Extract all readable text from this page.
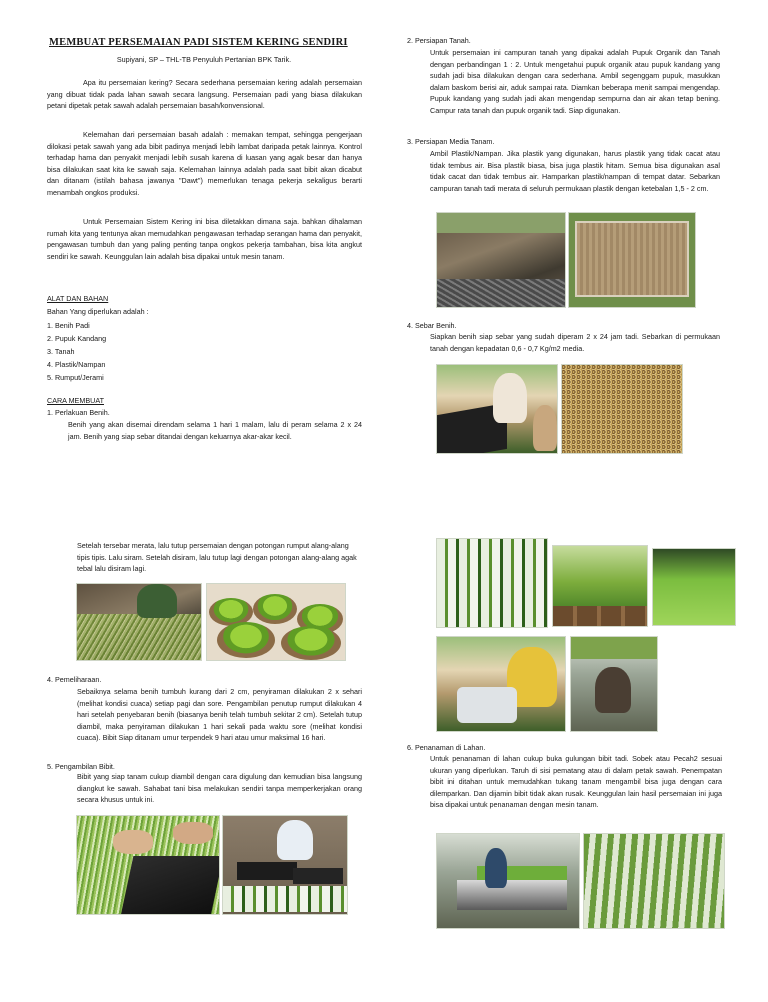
MEMBUAT PERSEMAIAN PADI SISTEM KERING SENDIRI
Supiyani, SP – THL-TB Penyuluh Pertanian BPK Tarik.
Apa itu persemaian kering? Secara sederhana persemaian kering adalah persemaian yang dibuat tidak pada lahan sawah secara langsung. Persemaian padi yang biasa dilakukan petani dipetak petak sawah adalah persemaian basah/konvensional.
Kelemahan dari persemaian basah adalah : memakan tempat, sehingga pengerjaan dilokasi petak sawah yang ada bibit padinya menjadi lebih lambat daripada petak lainnya. Kontrol terhadap hama dan penyakit menjadi lebih susah karena di luasan yang agak besar dan hanya bisa dilakukan saat kita ke sawah saja. Kelemahan lainnya adalah pada saat bibit akan dicabut dan ditanam (istilah bahasa jawanya "Dawt") memerlukan tenaga pekerja sekaligus berarti menambah ongkos produksi.
Untuk Persemaian Sistem Kering ini bisa diletakkan dimana saja. bahkan dihalaman rumah kita yang tentunya akan memudahkan pengawasan terhadap serangan hama dan penyakit, pengawasan tumbuh dan yang paling penting tanpa ongkos pekerja tambahan, bisa kita angkut sendiri ke sawah. Keunggulan lain adalah bisa dipakai untuk mesin tanam.
ALAT DAN BAHAN
Bahan Yang diperlukan adalah :
1. Benih Padi
2. Pupuk Kandang
3. Tanah
4. Plastik/Nampan
5. Rumput/Jerami
CARA MEMBUAT
1. Perlakuan Benih.
Benih yang akan disemai direndam selama 1 hari 1 malam, lalu di peram selama 2 x 24 jam. Benih yang siap sebar ditandai dengan keluarnya akar-akar kecil.
Setelah tersebar merata, lalu tutup persemaian dengan potongan rumput alang-alang tipis tipis. Lalu siram. Setelah disiram, lalu tutup lagi dengan potongan alang-alang agak tebal lalu disiram lagi.
4. Pemeliharaan.
Sebaiknya selama benih tumbuh kurang dari 2 cm, penyiraman dilakukan 2 x sehari (melihat kondisi cuaca) setiap pagi dan sore. Pengambilan penutup rumput dilakukan 4 hari setelah penyebaran benih (biasanya benih telah tumbuh sekitar 2 cm). Setelah tutup diambil, maka penyiraman dilakukan 1 hari sekali pada waktu sore (melihat kondisi cuaca). Bibit Siap ditanam umur terpendek 9 hari atau umur maksimal 16 hari.
5. Pengambilan Bibit.
Bibit yang siap tanam cukup diambil dengan cara digulung dan kemudian bisa langsung diangkut ke sawah. Sahabat tani bisa melakukan sendiri tanpa memperkerjakan orang secara khusus untuk ini.
2. Persiapan Tanah.
Untuk persemaian ini campuran tanah yang dipakai adalah Pupuk Organik dan Tanah dengan perbandingan 1 : 2. Untuk mengetahui pupuk organik atau pupuk kandang yang sudah jadi bisa dilakukan dengan cara sederhana. Ambil segenggam pupuk, masukkan dalam baskom berisi air, aduk sampai rata. Diamkan beberapa menit sampai mengendap. Pupuk kandang yang sudah jadi akan mengendap sempurna dan air akan tetap bening. Campur rata tanah dan pupuk organik tadi. Siap digunakan.
3. Persiapan Media Tanam.
Ambil Plastik/Nampan. Jika plastik yang digunakan, harus plastik yang tidak cacat atau tidak tembus air. Bisa plastik biasa, bisa juga plastik hitam. Semua bisa digunakan asal tidak cacat dan tidak tembus air. Hamparkan plastik/nampan di tempat datar. Sebarkan campuran tanah tadi merata di seluruh permukaan plastik dengan ketebalan 1,5 - 2 cm.
4. Sebar Benih.
Siapkan benih siap sebar yang sudah diperam 2 x 24 jam tadi. Sebarkan di permukaan tanah dengan kepadatan 0,6 - 0,7 Kg/m2 media.
6. Penanaman di Lahan.
Untuk penanaman di lahan cukup buka gulungan bibit tadi. Sobek atau Pecah2 sesuai ukuran yang diperlukan. Taruh di sisi pematang atau di dalam petak sawah. Penempatan bibit ini ditahan untuk memudahkan tukang tanam mengambil bisa juga dengan cara dilemparkan. Dan dijamin bibit tidak akan rusak. Keunggulan lain hasil persemaian ini juga bisa dipakai untuk penanaman dengan mesin tanam.
